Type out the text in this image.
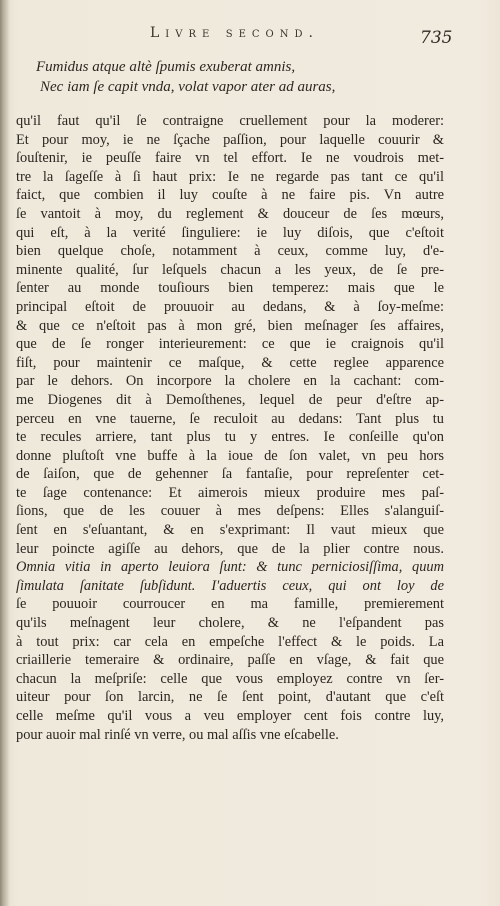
Livre second.	735
Fumidus atque altè ſpumis exuberat amnis,
Nec iam ſe capit vnda, volat vapor ater ad auras,
qu'il faut qu'il ſe contraigne cruellement pour la moderer:
Et pour moy, ie ne ſçache paſſion, pour laquelle couurir &
ſouſtenir, ie peuſſe faire vn tel effort. Ie ne voudrois met-
tre la ſageſſe à ſi haut prix: Ie ne regarde pas tant ce qu'il
faict, que combien il luy couſte à ne faire pis. Vn autre
ſe vantoit à moy, du reglement & douceur de ſes mœurs,
qui eſt, à la verité ſinguliere: ie luy diſois, que c'eſtoit
bien quelque choſe, notamment à ceux, comme luy, d'e-
minente qualité, ſur leſquels chacun a les yeux, de ſe pre-
ſenter au monde touſiours bien temperez: mais que le
principal eſtoit de prouuoir au dedans, & à ſoy-meſme:
& que ce n'eſtoit pas à mon gré, bien meſnager ſes affaires,
que de ſe ronger interieurement: ce que ie craignois qu'il
fiſt, pour maintenir ce maſque, & cette reglee apparence
par le dehors. On incorpore la cholere en la cachant: com-
me Diogenes dit à Demoſthenes, lequel de peur d'eſtre ap-
perceu en vne tauerne, ſe reculoit au dedans: Tant plus tu
te recules arriere, tant plus tu y entres. Ie conſeille qu'on
donne pluſtoſt vne buffe à la ioue de ſon valet, vn peu hors
de ſaiſon, que de gehenner ſa fantaſie, pour repreſenter cet-
te ſage contenance: Et aimerois mieux produire mes paſ-
ſions, que de les couuer à mes deſpens: Elles s'alanguiſ-
ſent en s'eſuantant, & en s'exprimant: Il vaut mieux que
leur poincte agiſſe au dehors, que de la plier contre nous.
Omnia vitia in aperto leuiora ſunt: & tunc perniciosiſſima, quum
ſimulata ſanitate ſubſidunt. I'aduertis ceux, qui ont loy de
ſe pouuoir courroucer en ma famille, premierement
qu'ils meſnagent leur cholere, & ne l'eſpandent pas
à tout prix: car cela en empeſche l'effect & le poids. La
criaillerie temeraire & ordinaire, paſſe en vſage, & fait que
chacun la meſpriſe: celle que vous employez contre vn ſer-
uiteur pour ſon larcin, ne ſe ſent point, d'autant que c'eſt
celle meſme qu'il vous a veu employer cent fois contre luy,
pour auoir mal rinſé vn verre, ou mal aſſis vne eſcabelle.
